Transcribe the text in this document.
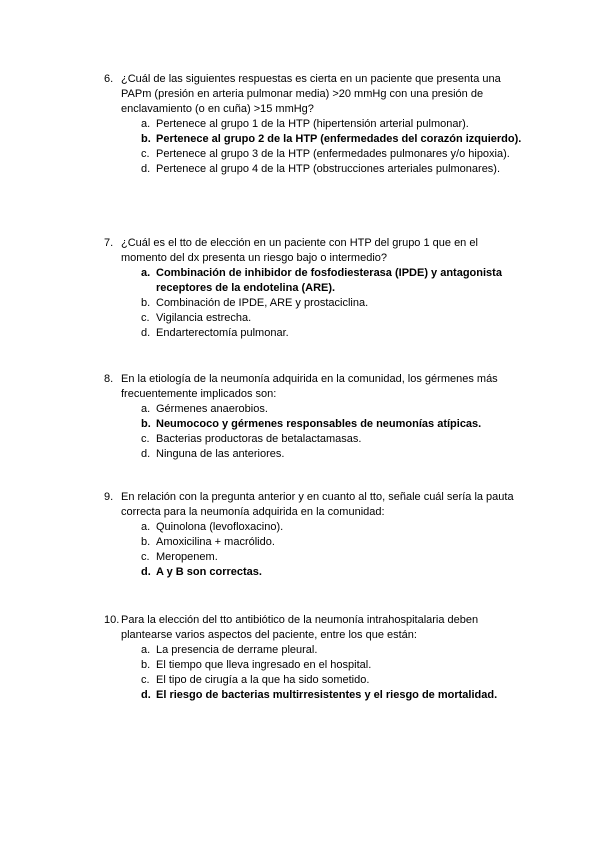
6. ¿Cuál de las siguientes respuestas es cierta en un paciente que presenta una PAPm (presión en arteria pulmonar media) >20 mmHg con una presión de enclavamiento (o en cuña) >15 mmHg?
a. Pertenece al grupo 1 de la HTP (hipertensión arterial pulmonar).
b. Pertenece al grupo 2 de la HTP (enfermedades del corazón izquierdo).
c. Pertenece al grupo 3 de la HTP (enfermedades pulmonares y/o hipoxia).
d. Pertenece al grupo 4 de la HTP (obstrucciones arteriales pulmonares).
7. ¿Cuál es el tto de elección en un paciente con HTP del grupo 1 que en el momento del dx presenta un riesgo bajo o intermedio?
a. Combinación de inhibidor de fosfodiesterasa (IPDE) y antagonista receptores de la endotelina (ARE).
b. Combinación de IPDE, ARE y prostaciclina.
c. Vigilancia estrecha.
d. Endarterectomía pulmonar.
8. En la etiología de la neumonía adquirida en la comunidad, los gérmenes más frecuentemente implicados son:
a. Gérmenes anaerobios.
b. Neumococo y gérmenes responsables de neumonías atípicas.
c. Bacterias productoras de betalactamasas.
d. Ninguna de las anteriores.
9. En relación con la pregunta anterior y en cuanto al tto, señale cuál sería la pauta correcta para la neumonía adquirida en la comunidad:
a. Quinolona (levofloxacino).
b. Amoxicilina + macrólido.
c. Meropenem.
d. A y B son correctas.
10. Para la elección del tto antibiótico de la neumonía intrahospitalaria deben plantearse varios aspectos del paciente, entre los que están:
a. La presencia de derrame pleural.
b. El tiempo que lleva ingresado en el hospital.
c. El tipo de cirugía a la que ha sido sometido.
d. El riesgo de bacterias multirresistentes y el riesgo de mortalidad.
